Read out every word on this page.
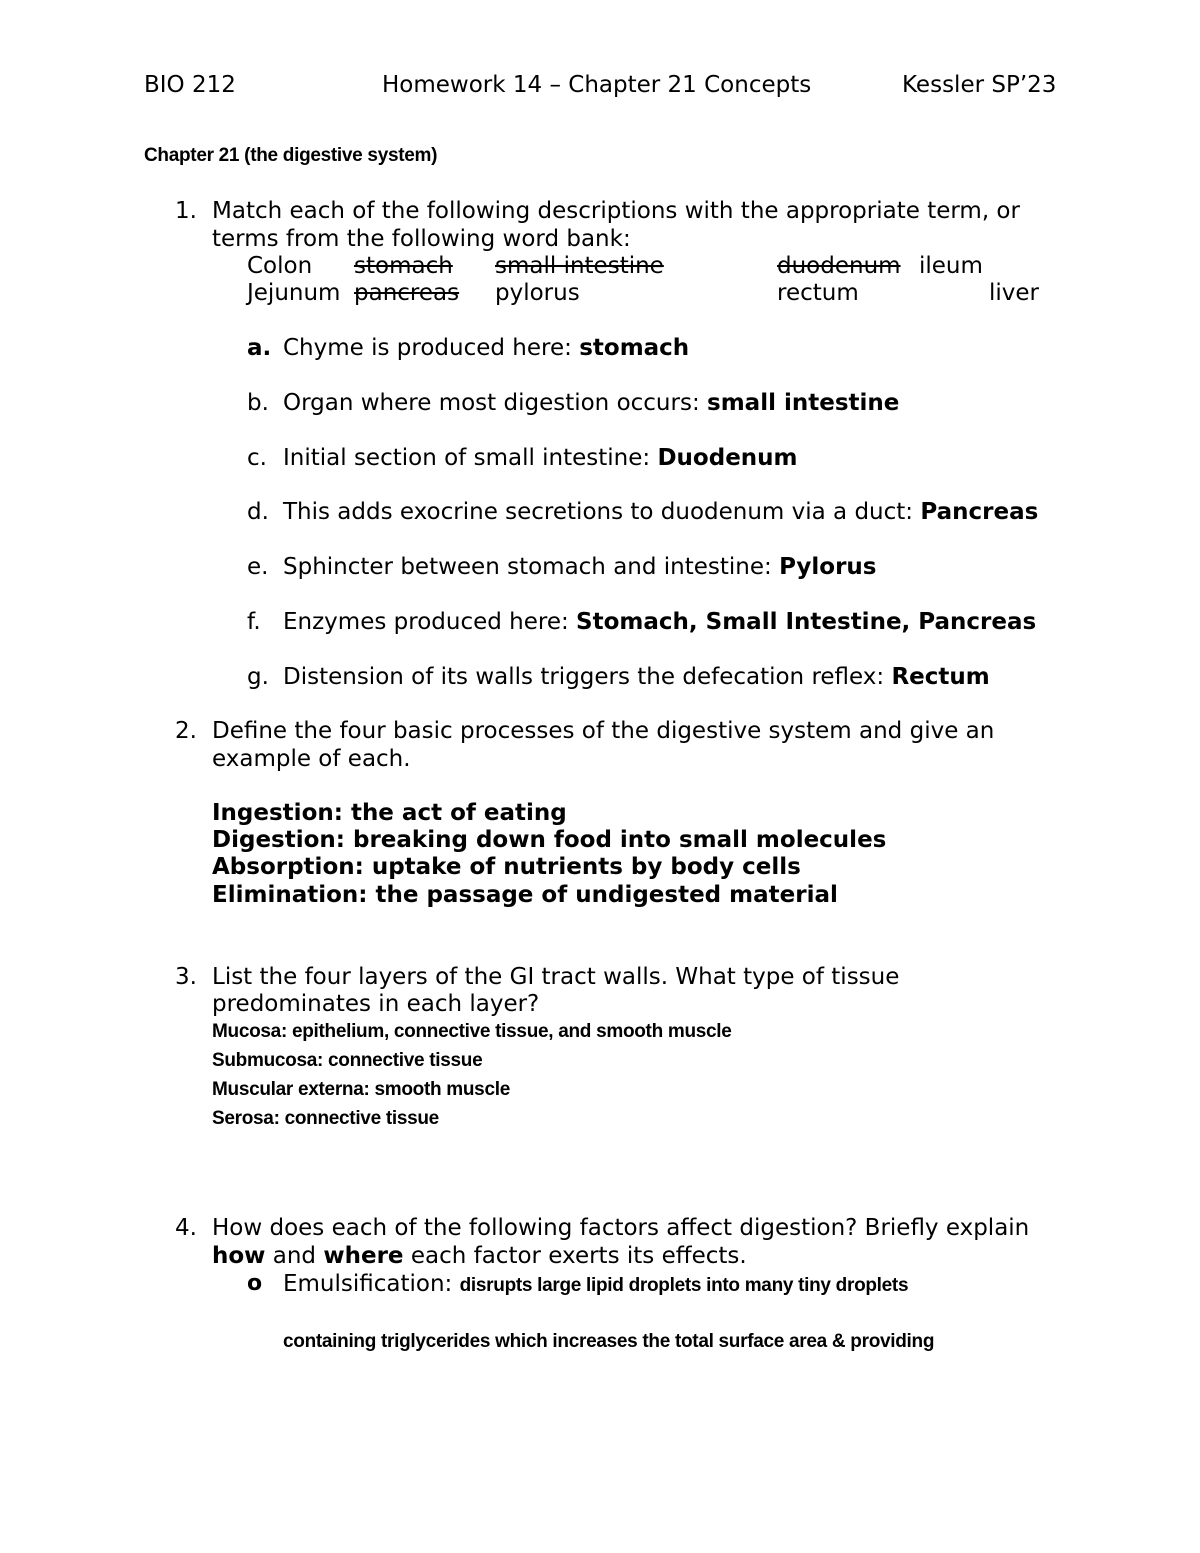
BIO 212	Homework 14 – Chapter 21 Concepts	Kessler SP’23
Chapter 21 (the digestive system)
1. Match each of the following descriptions with the appropriate term, or
terms from the following word bank:
Colon stomach small intestine	duodenum ileum
Jejunum pancreas pylorus	rectum	liver
a. Chyme is produced here: stomach
b. Organ where most digestion occurs: small intestine
c. Initial section of small intestine: Duodenum
d. This adds exocrine secretions to duodenum via a duct: Pancreas
e. Sphincter between stomach and intestine: Pylorus
f. Enzymes produced here: Stomach, Small Intestine, Pancreas
g. Distension of its walls triggers the defecation reflex: Rectum
2. Define the four basic processes of the digestive system and give an
example of each.
Ingestion: the act of eating
Digestion: breaking down food into small molecules
Absorption: uptake of nutrients by body cells
Elimination: the passage of undigested material
3. List the four layers of the GI tract walls. What type of tissue
predominates in each layer?
Mucosa: epithelium, connective tissue, and smooth muscle
Submucosa: connective tissue
Muscular externa: smooth muscle
Serosa: connective tissue
4. How does each of the following factors affect digestion? Briefly explain
how and where each factor exerts its effects.
o Emulsification: disrupts large lipid droplets into many tiny droplets
containing triglycerides which increases the total surface area & providing
